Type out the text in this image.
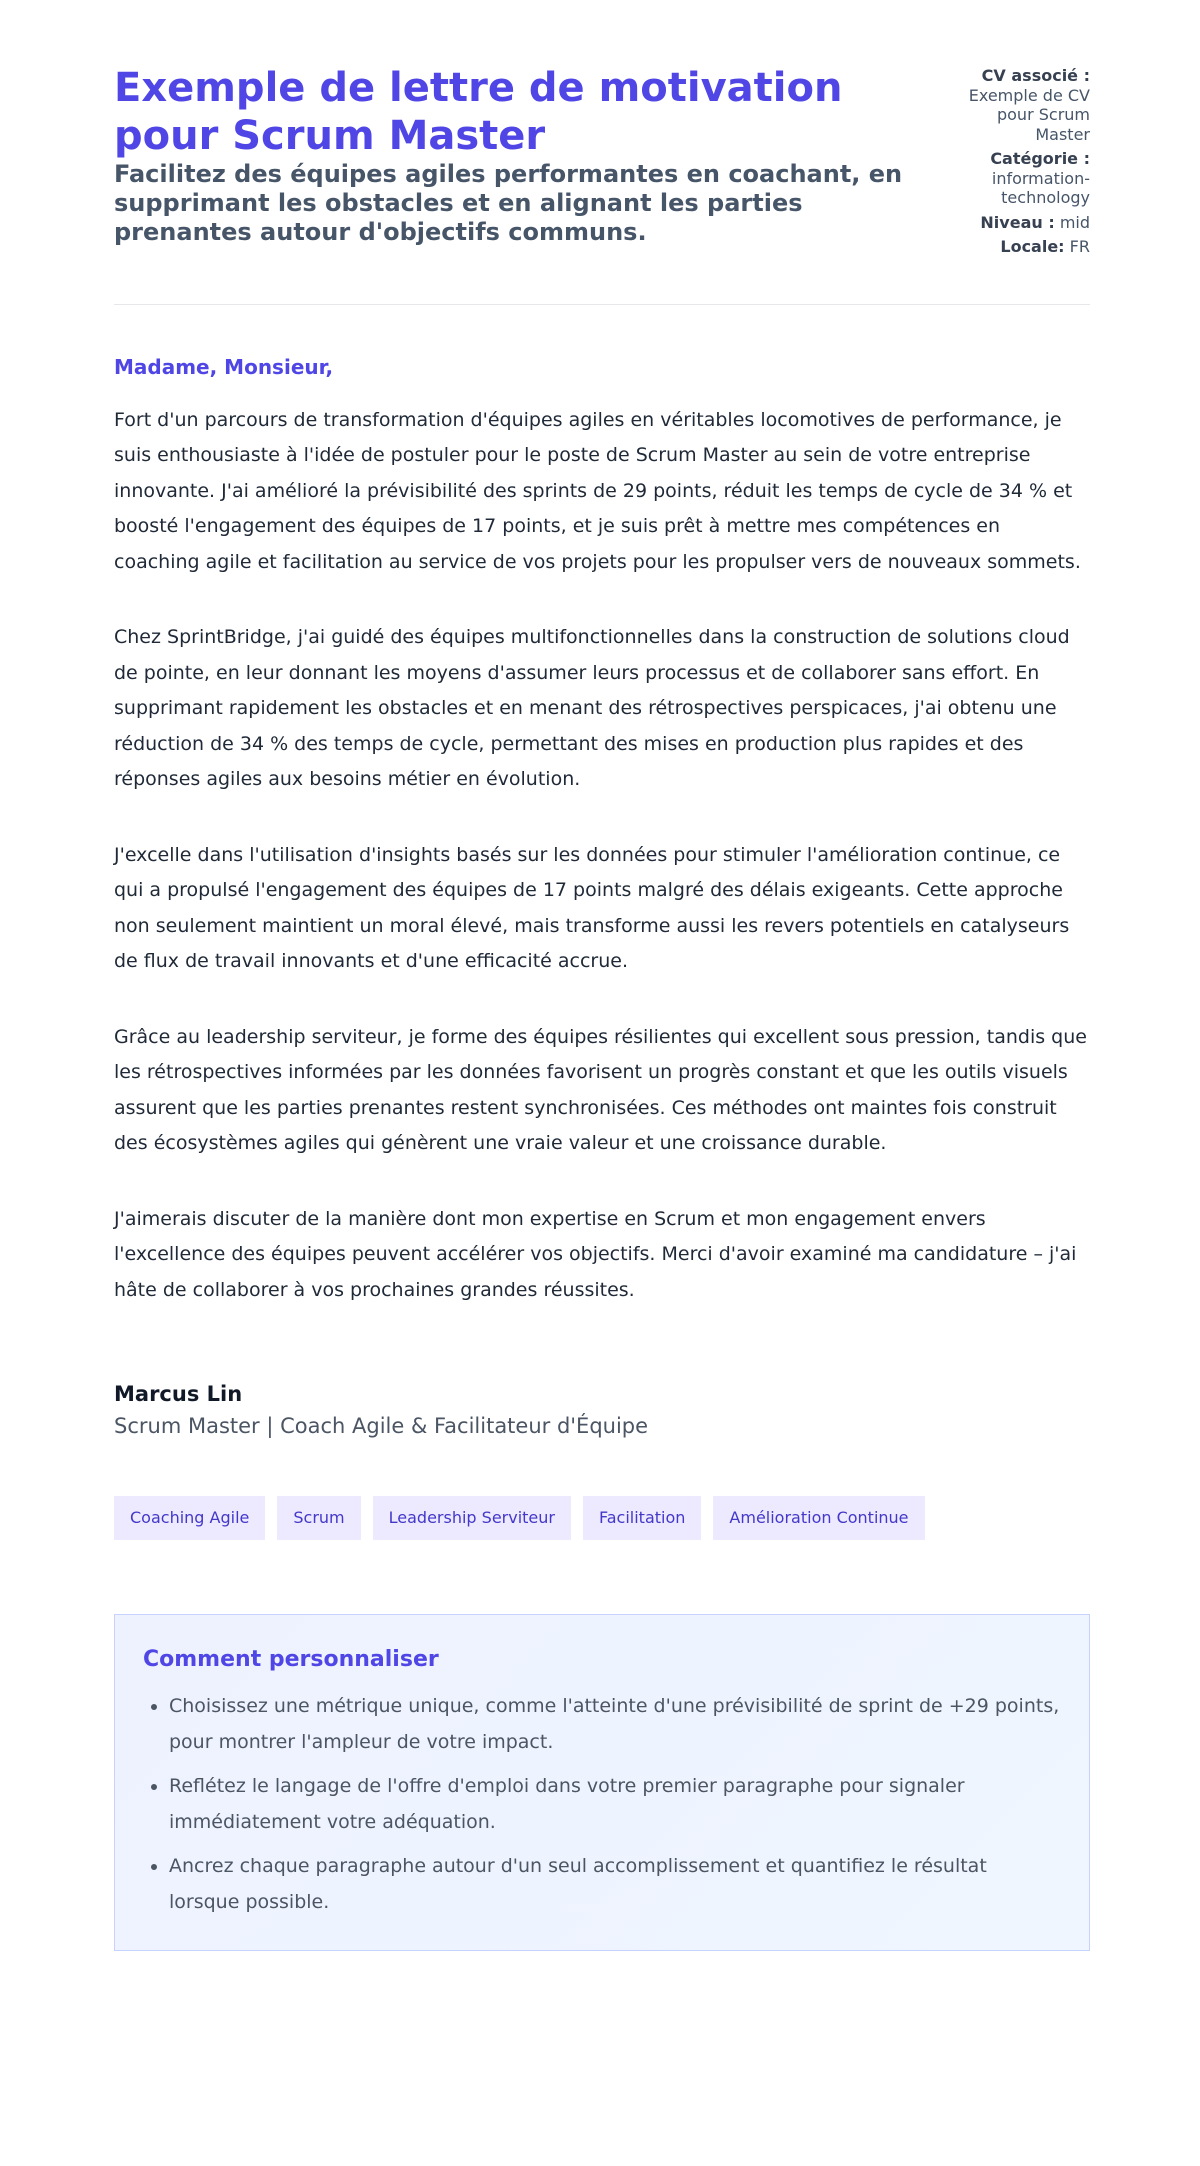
Exemple de lettre de motivation pour Scrum Master

Facilitez des équipes agiles performantes en coachant, en supprimant les obstacles et en alignant les parties prenantes autour d'objectifs communs.

CV associé :
Exemple de CV pour Scrum Master
Catégorie :
information-technology
Niveau : mid
Locale: FR

Madame, Monsieur,

Fort d'un parcours de transformation d'équipes agiles en véritables locomotives de performance, je suis enthousiaste à l'idée de postuler pour le poste de Scrum Master au sein de votre entreprise innovante. J'ai amélioré la prévisibilité des sprints de 29 points, réduit les temps de cycle de 34 % et boosté l'engagement des équipes de 17 points, et je suis prêt à mettre mes compétences en coaching agile et facilitation au service de vos projets pour les propulser vers de nouveaux sommets.

Chez SprintBridge, j'ai guidé des équipes multifonctionnelles dans la construction de solutions cloud de pointe, en leur donnant les moyens d'assumer leurs processus et de collaborer sans effort. En supprimant rapidement les obstacles et en menant des rétrospectives perspicaces, j'ai obtenu une réduction de 34 % des temps de cycle, permettant des mises en production plus rapides et des réponses agiles aux besoins métier en évolution.

J'excelle dans l'utilisation d'insights basés sur les données pour stimuler l'amélioration continue, ce qui a propulsé l'engagement des équipes de 17 points malgré des délais exigeants. Cette approche non seulement maintient un moral élevé, mais transforme aussi les revers potentiels en catalyseurs de flux de travail innovants et d'une efficacité accrue.

Grâce au leadership serviteur, je forme des équipes résilientes qui excellent sous pression, tandis que les rétrospectives informées par les données favorisent un progrès constant et que les outils visuels assurent que les parties prenantes restent synchronisées. Ces méthodes ont maintes fois construit des écosystèmes agiles qui génèrent une vraie valeur et une croissance durable.

J'aimerais discuter de la manière dont mon expertise en Scrum et mon engagement envers l'excellence des équipes peuvent accélérer vos objectifs. Merci d'avoir examiné ma candidature – j'ai hâte de collaborer à vos prochaines grandes réussites.

Marcus Lin
Scrum Master | Coach Agile & Facilitateur d'Équipe
Coaching Agile	Scrum	Leadership Serviteur	Facilitation	Amélioration Continue
Comment personnaliser
• Choisissez une métrique unique, comme l'atteinte d'une prévisibilité de sprint de +29 points, pour montrer l'ampleur de votre impact.
• Reflétez le langage de l'offre d'emploi dans votre premier paragraphe pour signaler immédiatement votre adéquation.
• Ancrez chaque paragraphe autour d'un seul accomplissement et quantifiez le résultat lorsque possible.
